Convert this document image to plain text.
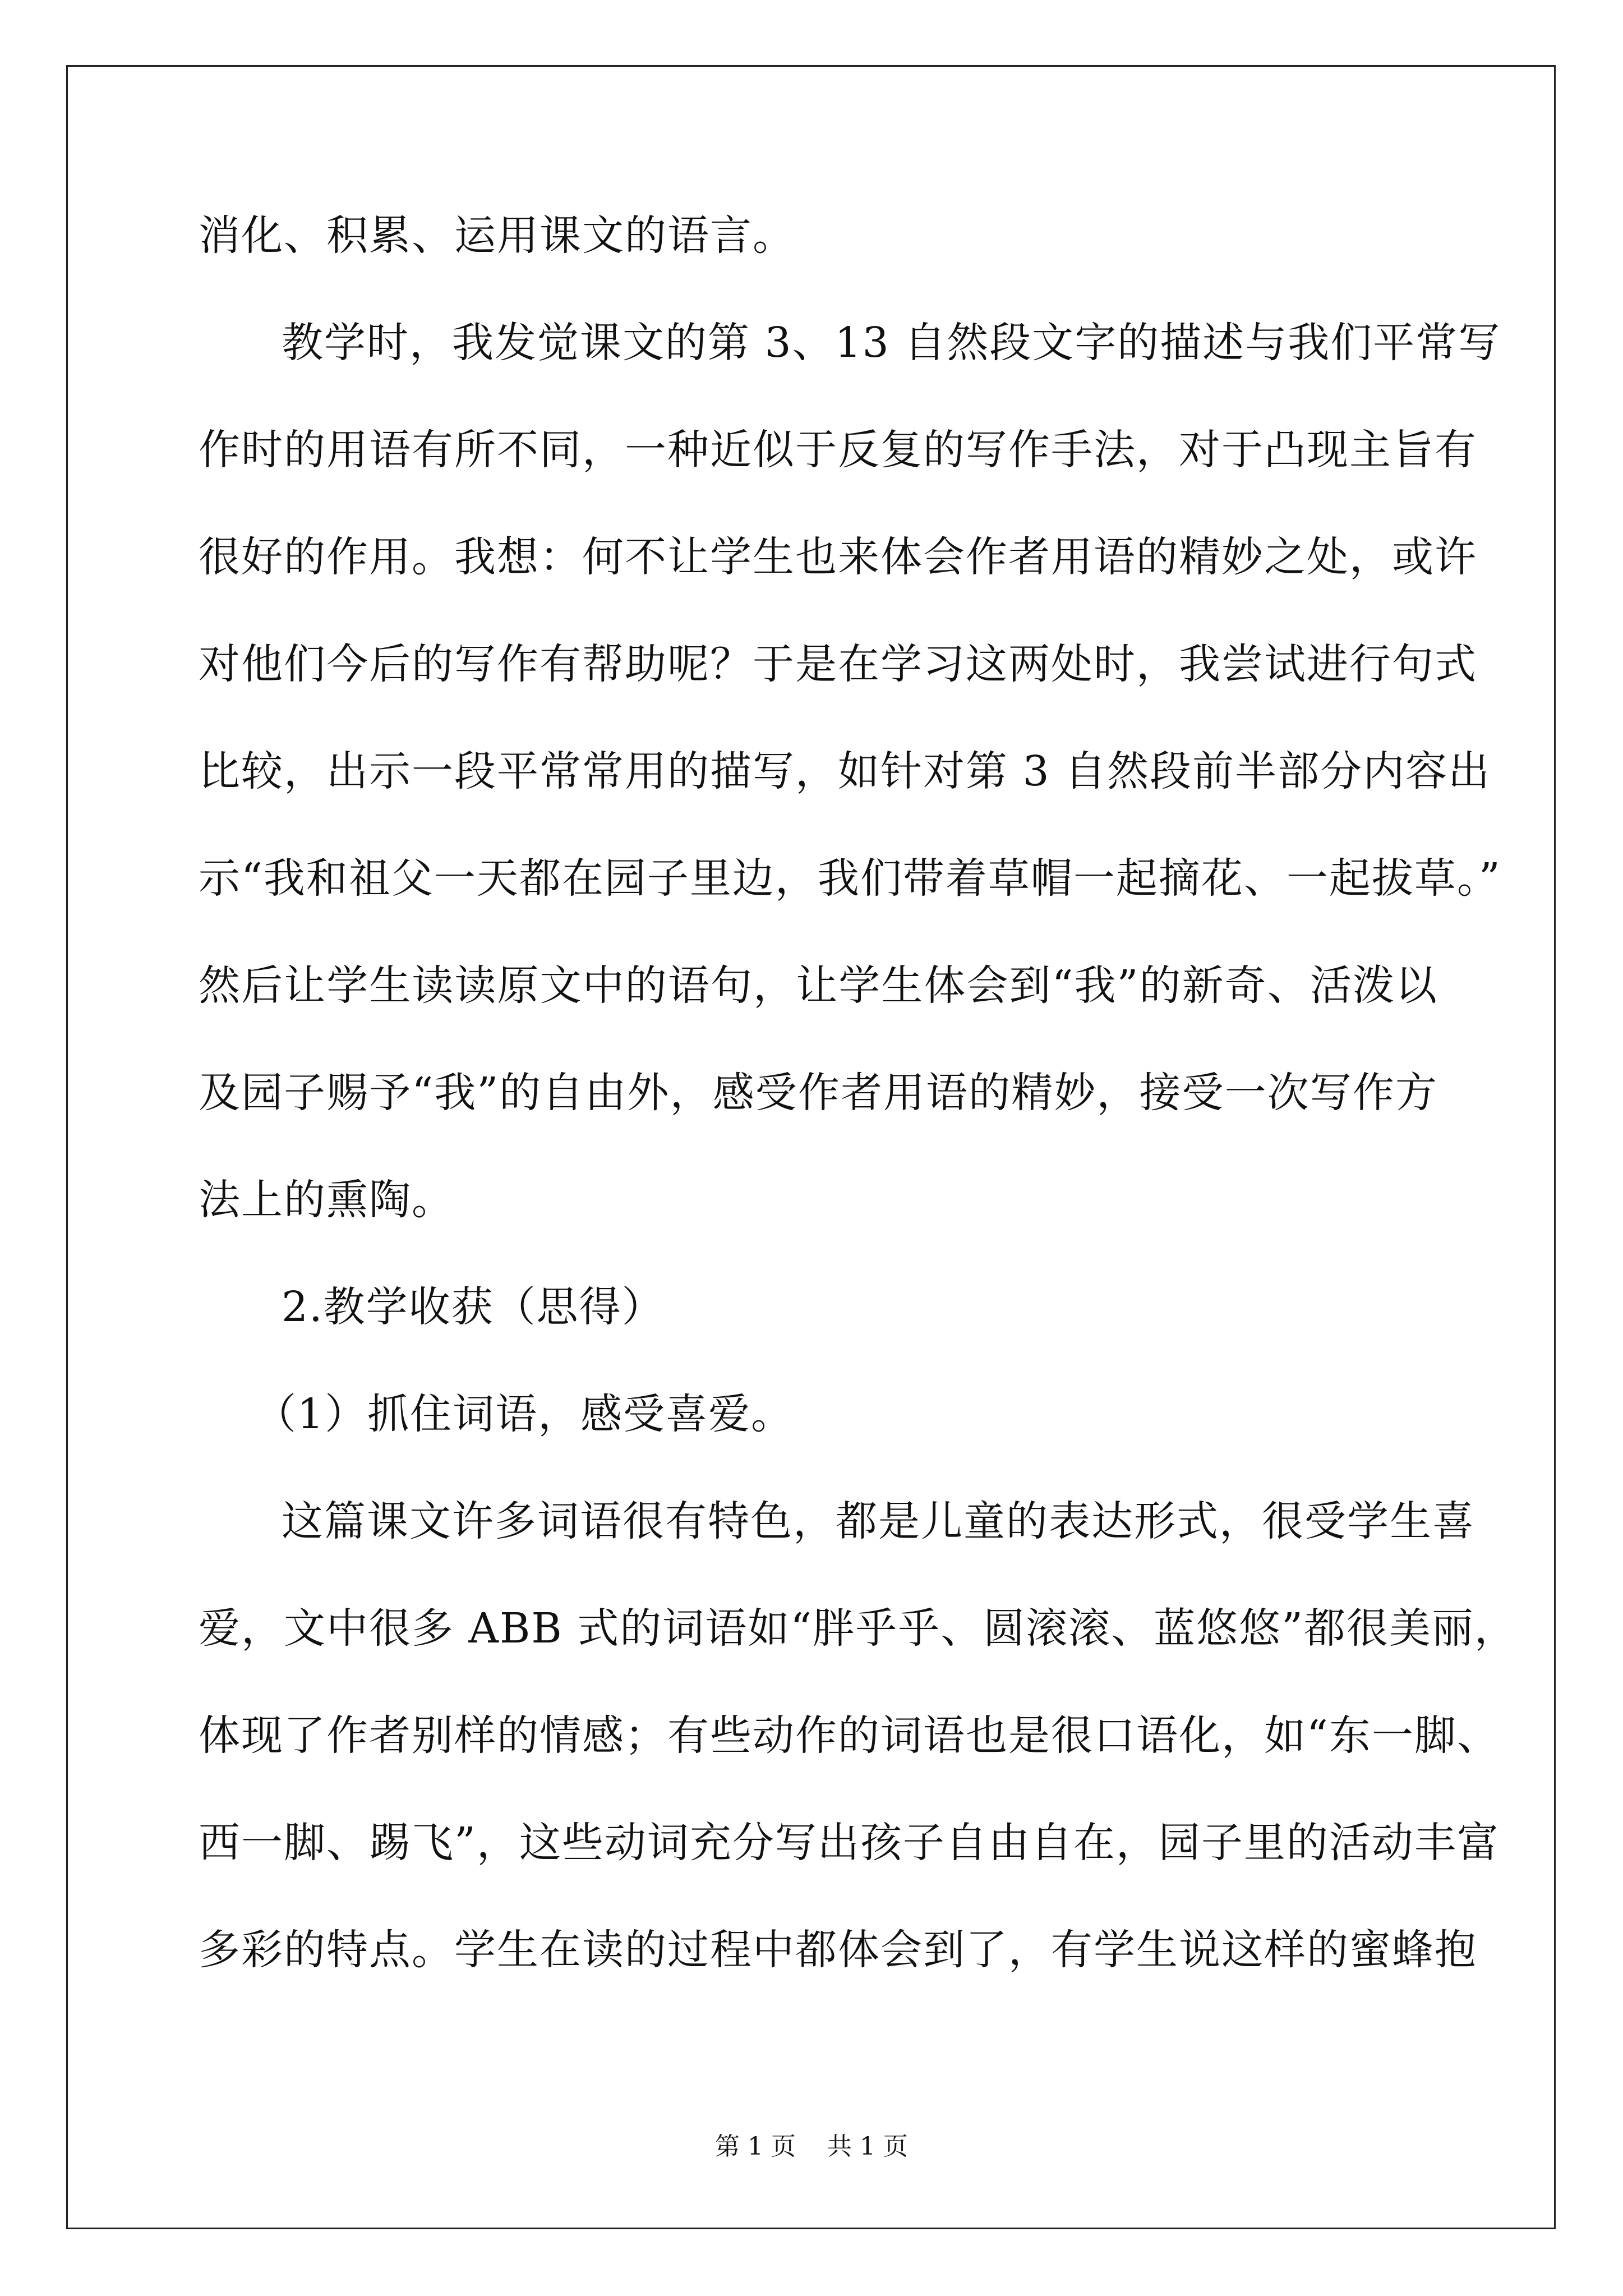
消化、积累、运用课文的语言。
教学时，我发觉课文的第 3、13 自然段文字的描述与我们平常写
作时的用语有所不同，一种近似于反复的写作手法，对于凸现主旨有
很好的作用。我想：何不让学生也来体会作者用语的精妙之处，或许
对他们今后的写作有帮助呢？于是在学习这两处时，我尝试进行句式
比较，出示一段平常常用的描写，如针对第 3 自然段前半部分内容出
示“我和祖父一天都在园子里边，我们带着草帽一起摘花、一起拔草。”
然后让学生读读原文中的语句，让学生体会到“我”的新奇、活泼以
及园子赐予“我”的自由外，感受作者用语的精妙，接受一次写作方
法上的熏陶。
2.教学收获（思得）
（1）抓住词语，感受喜爱。
这篇课文许多词语很有特色，都是儿童的表达形式，很受学生喜
爱，文中很多 ABB 式的词语如“胖乎乎、圆滚滚、蓝悠悠”都很美丽，
体现了作者别样的情感；有些动作的词语也是很口语化，如“东一脚、
西一脚、踢飞”，这些动词充分写出孩子自由自在，园子里的活动丰富
多彩的特点。学生在读的过程中都体会到了，有学生说这样的蜜蜂抱
第 1 页    共 1 页
